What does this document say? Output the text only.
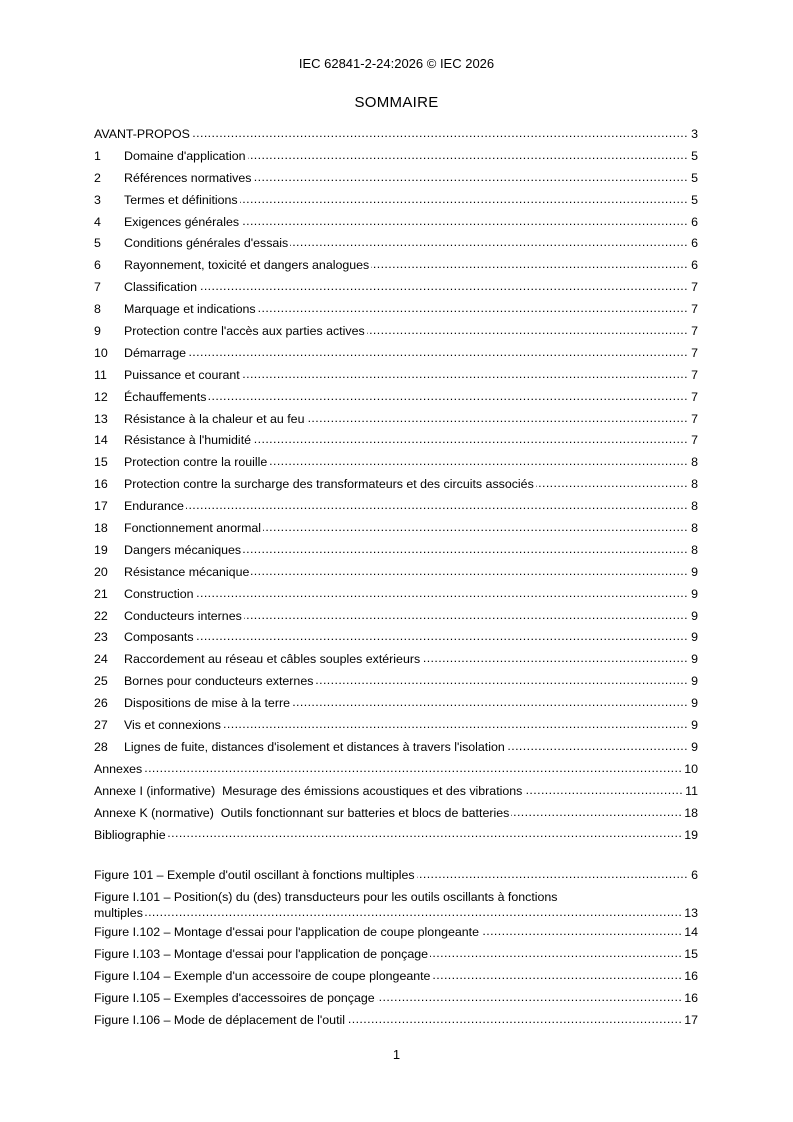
IEC 62841-2-24:2026 © IEC 2026
SOMMAIRE
AVANT-PROPOS .....	3
1	Domaine d'application .....	5
2	Références normatives .....	5
3	Termes et définitions .....	5
4	Exigences générales .....	6
5	Conditions générales d'essais .....	6
6	Rayonnement, toxicité et dangers analogues .....	6
7	Classification .....	7
8	Marquage et indications .....	7
9	Protection contre l'accès aux parties actives .....	7
10	Démarrage .....	7
11	Puissance et courant .....	7
12	Échauffements .....	7
13	Résistance à la chaleur et au feu .....	7
14	Résistance à l'humidité .....	7
15	Protection contre la rouille .....	8
16	Protection contre la surcharge des transformateurs et des circuits associés .....	8
17	Endurance .....	8
18	Fonctionnement anormal .....	8
19	Dangers mécaniques .....	8
20	Résistance mécanique .....	9
21	Construction .....	9
22	Conducteurs internes .....	9
23	Composants .....	9
24	Raccordement au réseau et câbles souples extérieurs .....	9
25	Bornes pour conducteurs externes .....	9
26	Dispositions de mise à la terre .....	9
27	Vis et connexions .....	9
28	Lignes de fuite, distances d'isolement et distances à travers l'isolation .....	9
Annexes .....	10
Annexe I (informative)  Mesurage des émissions acoustiques et des vibrations .....	11
Annexe K (normative)  Outils fonctionnant sur batteries et blocs de batteries .....	18
Bibliographie .....	19
Figure 101 – Exemple d'outil oscillant à fonctions multiples .....	6
Figure I.101 – Position(s) du (des) transducteurs pour les outils oscillants à fonctions
multiples .....	13
Figure I.102 – Montage d'essai pour l'application de coupe plongeante .....	14
Figure I.103 – Montage d'essai pour l'application de ponçage .....	15
Figure I.104 – Exemple d'un accessoire de coupe plongeante .....	16
Figure I.105 – Exemples d'accessoires de ponçage .....	16
Figure I.106 – Mode de déplacement de l'outil .....	17
1
